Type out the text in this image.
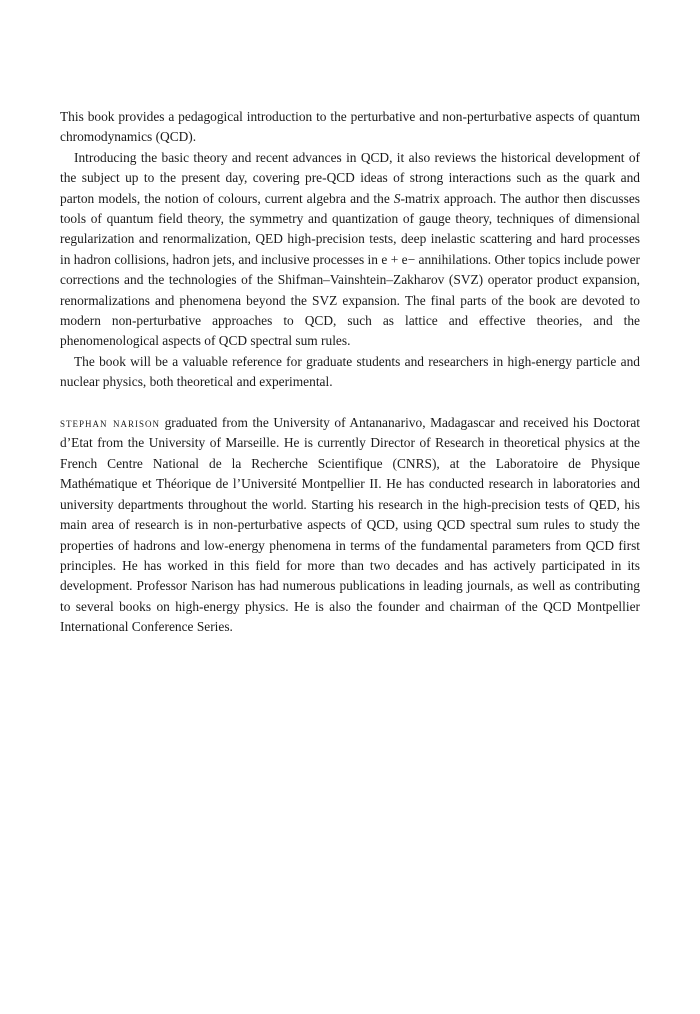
This book provides a pedagogical introduction to the perturbative and non-perturbative aspects of quantum chromodynamics (QCD).

Introducing the basic theory and recent advances in QCD, it also reviews the historical development of the subject up to the present day, covering pre-QCD ideas of strong interactions such as the quark and parton models, the notion of colours, current algebra and the S-matrix approach. The author then discusses tools of quantum field theory, the symmetry and quantization of gauge theory, techniques of dimensional regularization and renormalization, QED high-precision tests, deep inelastic scattering and hard processes in hadron collisions, hadron jets, and inclusive processes in e + e− annihilations. Other topics include power corrections and the technologies of the Shifman–Vainshtein–Zakharov (SVZ) operator product expansion, renormalizations and phenomena beyond the SVZ expansion. The final parts of the book are devoted to modern non-perturbative approaches to QCD, such as lattice and effective theories, and the phenomenological aspects of QCD spectral sum rules.

The book will be a valuable reference for graduate students and researchers in high-energy particle and nuclear physics, both theoretical and experimental.

stephan narison graduated from the University of Antananarivo, Madagascar and received his Doctorat d’Etat from the University of Marseille. He is currently Director of Research in theoretical physics at the French Centre National de la Recherche Scientifique (CNRS), at the Laboratoire de Physique Mathématique et Théorique de l’Université Montpellier II. He has conducted research in laboratories and university departments throughout the world. Starting his research in the high-precision tests of QED, his main area of research is in non-perturbative aspects of QCD, using QCD spectral sum rules to study the properties of hadrons and low-energy phenomena in terms of the fundamental parameters from QCD first principles. He has worked in this field for more than two decades and has actively participated in its development. Professor Narison has had numerous publications in leading journals, as well as contributing to several books on high-energy physics. He is also the founder and chairman of the QCD Montpellier International Conference Series.
